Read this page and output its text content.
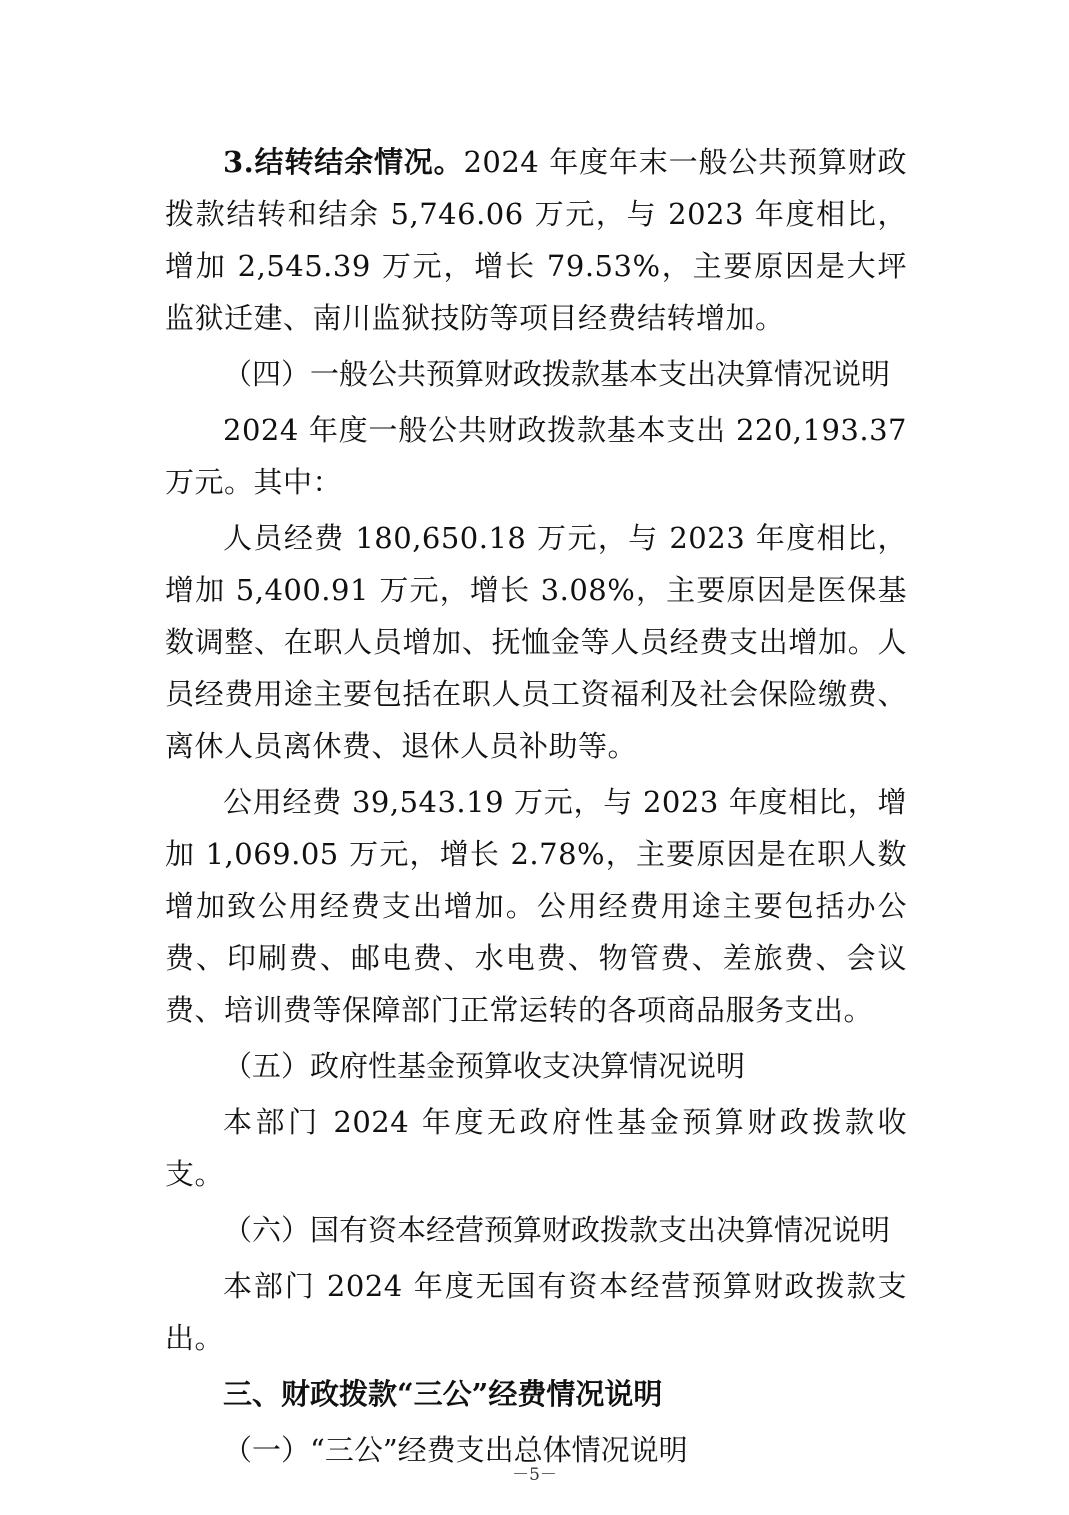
3.结转结余情况。2024 年度年末一般公共预算财政拨款结转和结余 5,746.06 万元，与 2023 年度相比，增加 2,545.39 万元，增长 79.53%，主要原因是大坪监狱迁建、南川监狱技防等项目经费结转增加。

（四）一般公共预算财政拨款基本支出决算情况说明

2024 年度一般公共财政拨款基本支出 220,193.37 万元。其中：

人员经费 180,650.18 万元，与 2023 年度相比，增加 5,400.91 万元，增长 3.08%，主要原因是医保基数调整、在职人员增加、抚恤金等人员经费支出增加。人员经费用途主要包括在职人员工资福利及社会保险缴费、离休人员离休费、退休人员补助等。

公用经费 39,543.19 万元，与 2023 年度相比，增加 1,069.05 万元，增长 2.78%，主要原因是在职人数增加致公用经费支出增加。公用经费用途主要包括办公费、印刷费、邮电费、水电费、物管费、差旅费、会议费、培训费等保障部门正常运转的各项商品服务支出。

（五）政府性基金预算收支决算情况说明

本部门 2024 年度无政府性基金预算财政拨款收支。

（六）国有资本经营预算财政拨款支出决算情况说明

本部门 2024 年度无国有资本经营预算财政拨款支出。

三、财政拨款“三公”经费情况说明

（一）“三公”经费支出总体情况说明

－5－
